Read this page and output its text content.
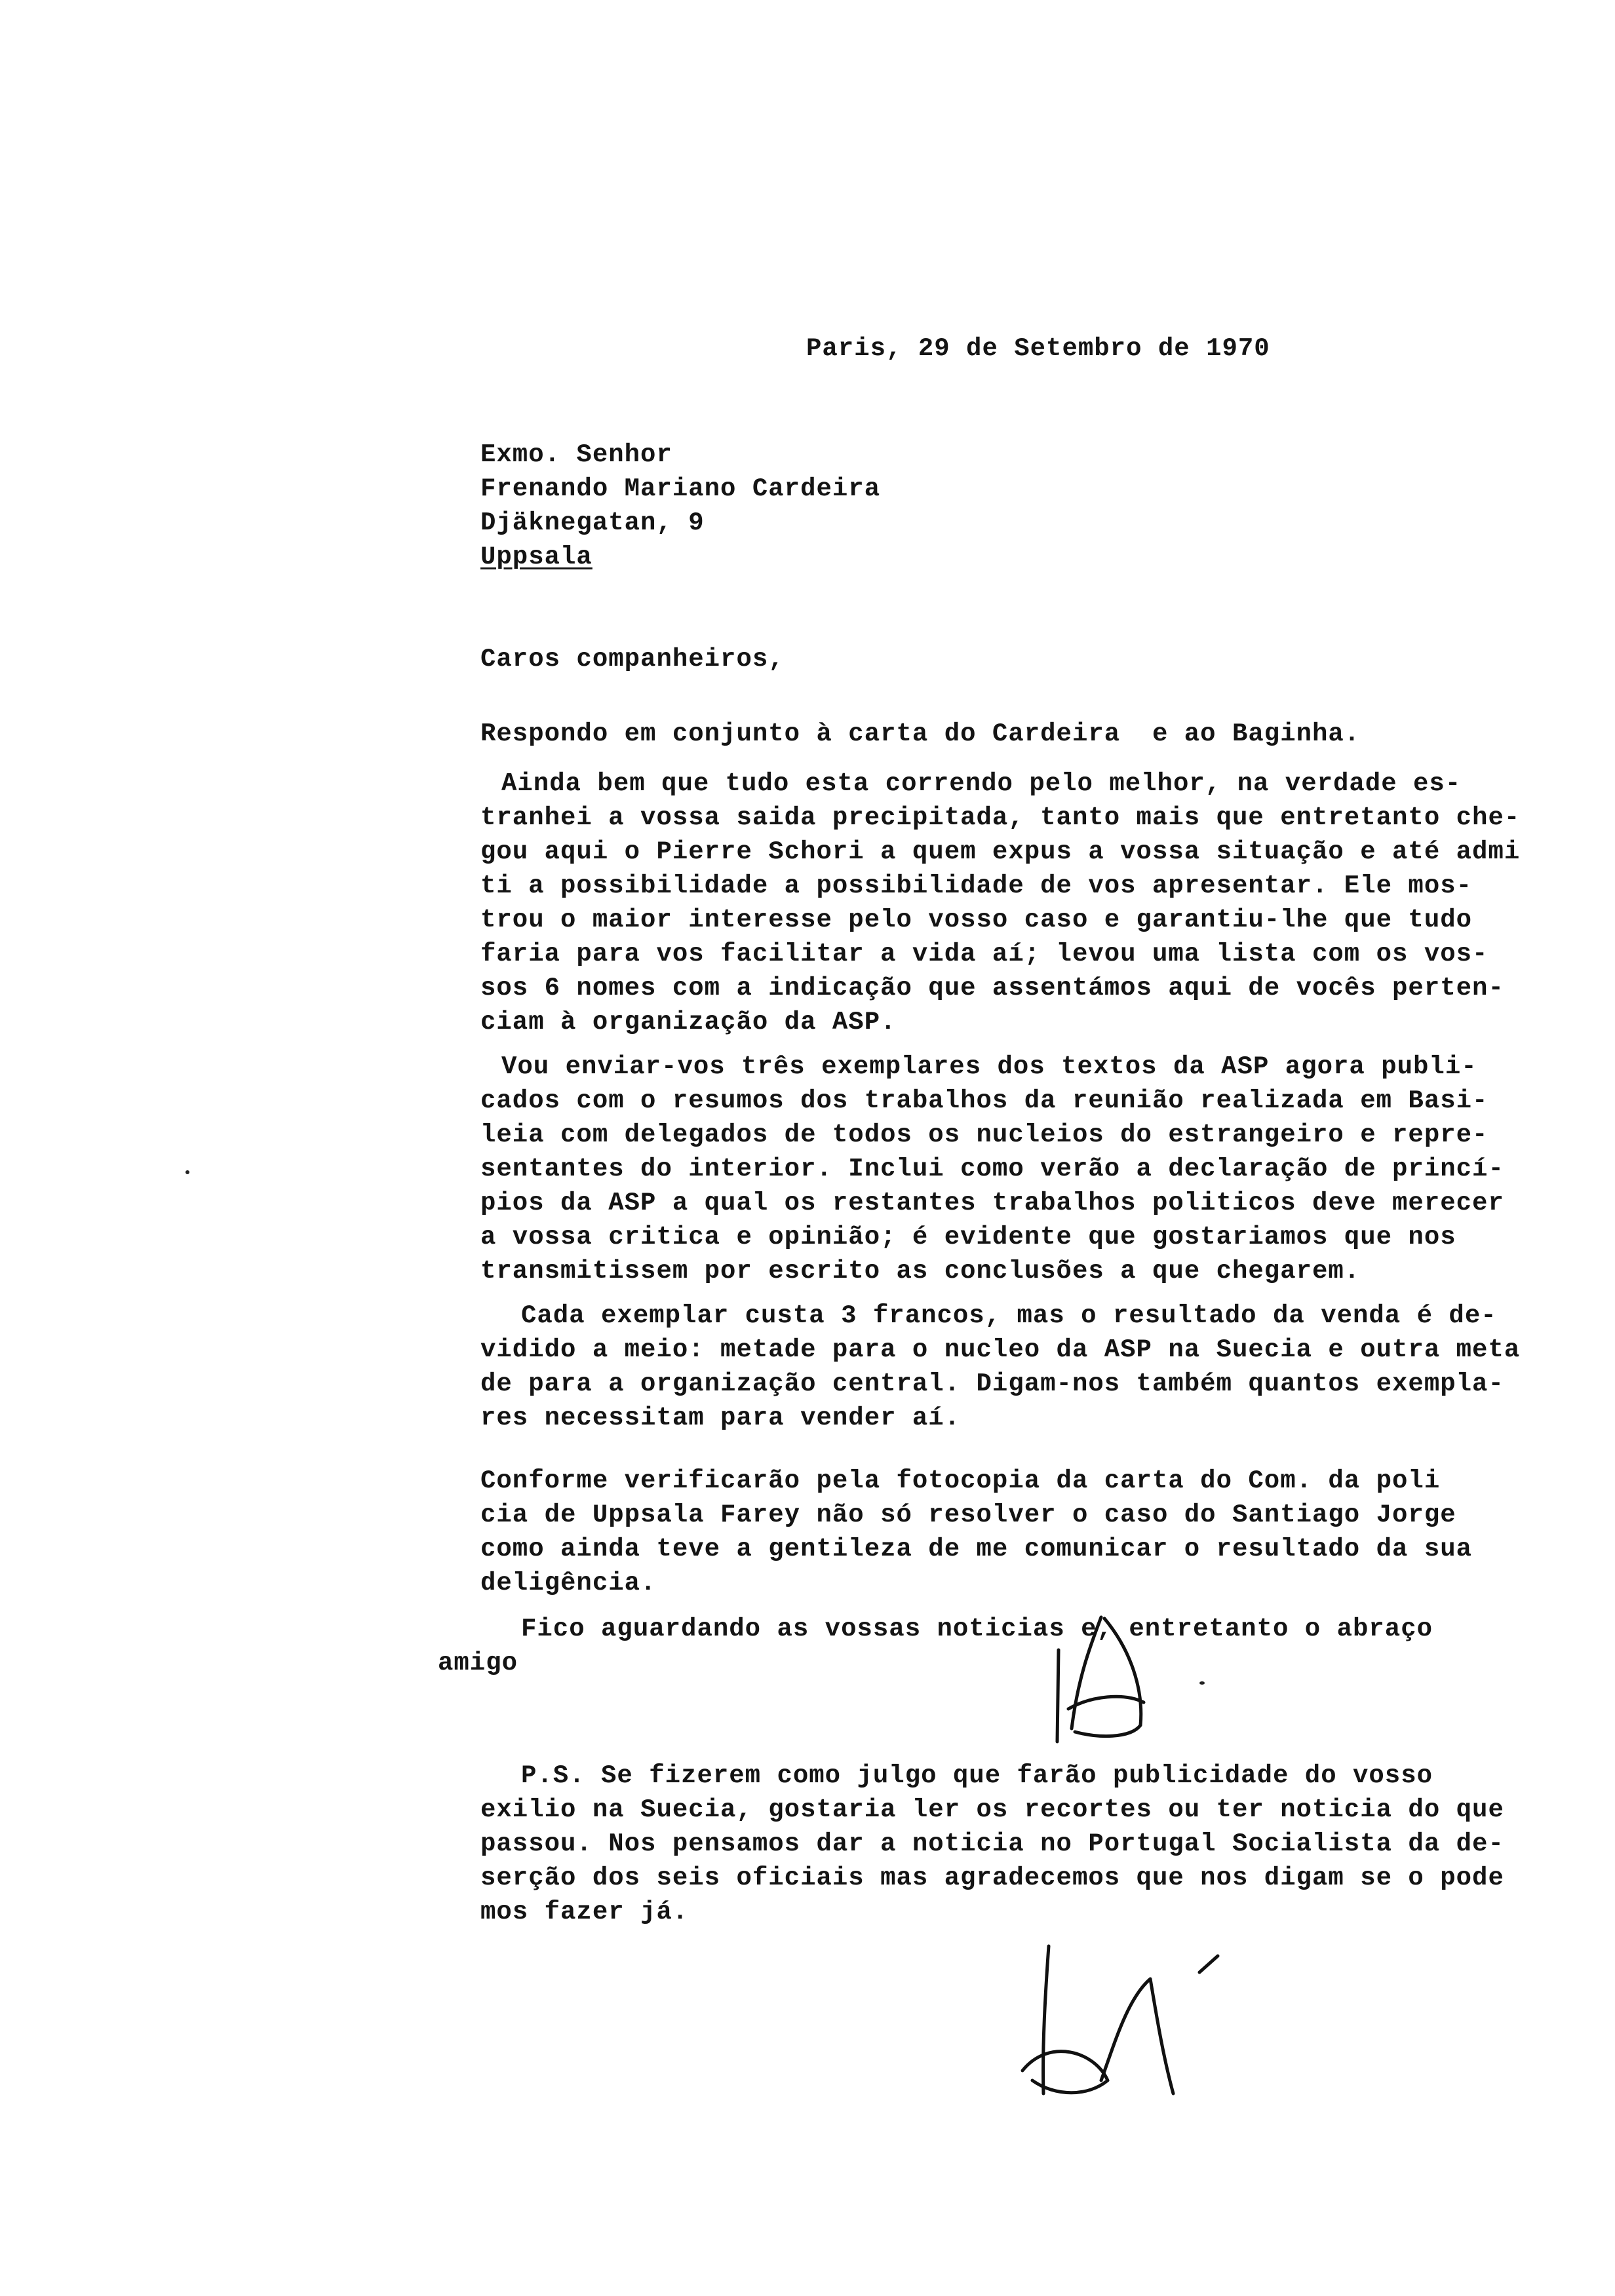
Paris, 29 de Setembro de 1970
Exmo. Senhor
Frenando Mariano Cardeira
Djäknegatan, 9
Uppsala
Caros companheiros,
Respondo em conjunto à carta do Cardeira  e ao Baginha.
Ainda bem que tudo esta correndo pelo melhor, na verdade es-
tranhei a vossa saida precipitada, tanto mais que entretanto che-
gou aqui o Pierre Schori a quem expus a vossa situação e até admi
ti a possibilidade a possibilidade de vos apresentar. Ele mos-
trou o maior interesse pelo vosso caso e garantiu-lhe que tudo
faria para vos facilitar a vida aí; levou uma lista com os vos-
sos 6 nomes com a indicação que assentámos aqui de vocês perten-
ciam à organização da ASP.
Vou enviar-vos três exemplares dos textos da ASP agora publi-
cados com o resumos dos trabalhos da reunião realizada em Basi-
leia com delegados de todos os nucleios do estrangeiro e repre-
sentantes do interior. Inclui como verão a declaração de princí-
pios da ASP a qual os restantes trabalhos politicos deve merecer
a vossa critica e opinião; é evidente que gostariamos que nos
transmitissem por escrito as conclusões a que chegarem.
Cada exemplar custa 3 francos, mas o resultado da venda é de-
vidido a meio: metade para o nucleo da ASP na Suecia e outra meta
de para a organização central. Digam-nos também quantos exempla-
res necessitam para vender aí.
Conforme verificarão pela fotocopia da carta do Com. da poli
cia de Uppsala Farey não só resolver o caso do Santiago Jorge
como ainda teve a gentileza de me comunicar o resultado da sua
deligência.
Fico aguardando as vossas noticias e, entretanto o abraço
amigo
P.S. Se fizerem como julgo que farão publicidade do vosso
exilio na Suecia, gostaria ler os recortes ou ter noticia do que
passou. Nos pensamos dar a noticia no Portugal Socialista da de-
serção dos seis oficiais mas agradecemos que nos digam se o pode
mos fazer já.
